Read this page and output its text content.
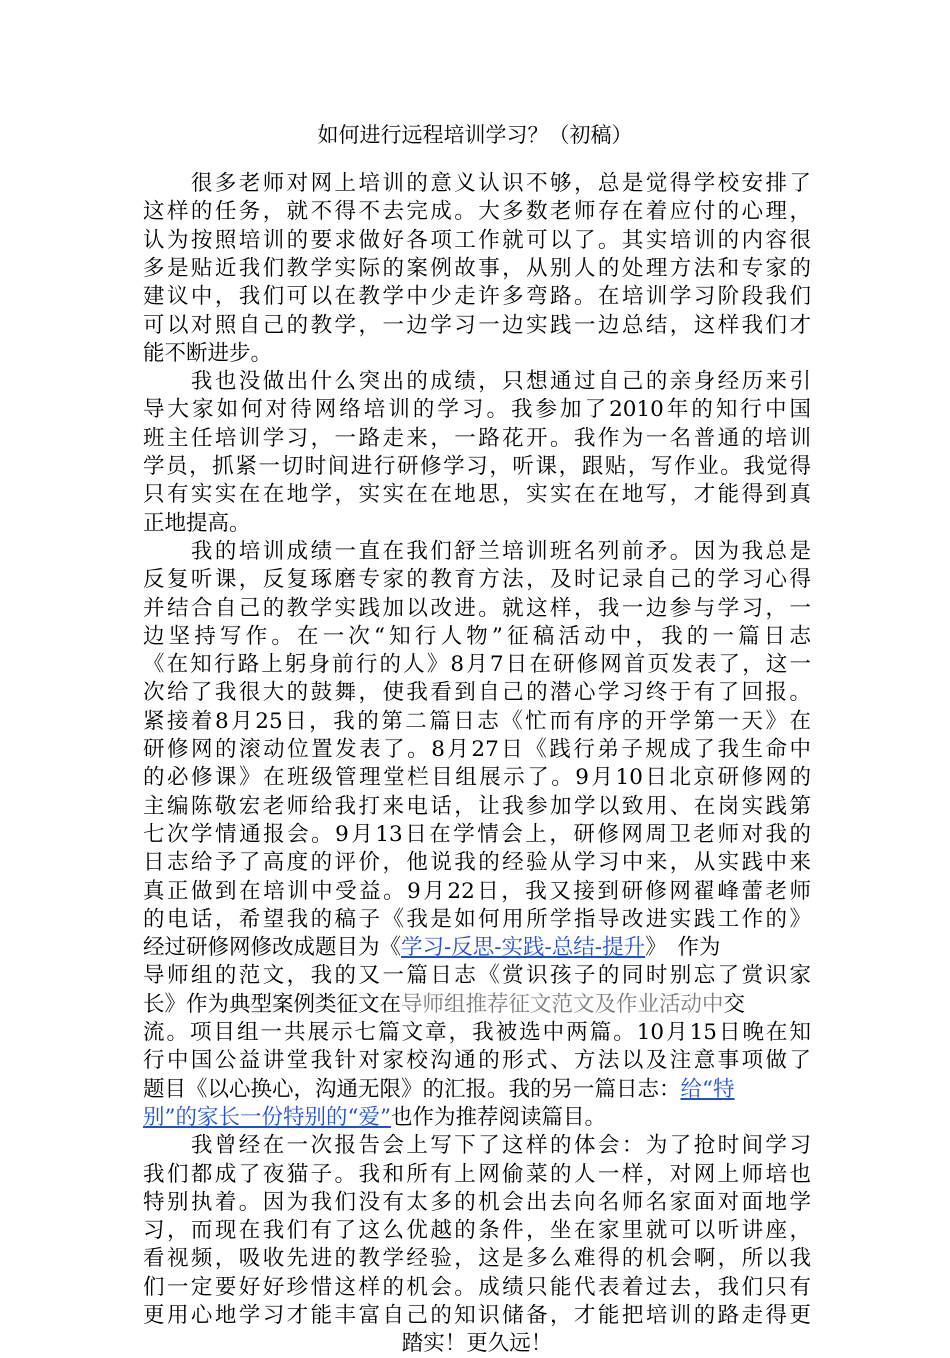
如何进行远程培训学习？（初稿）
　　很多老师对网上培训的意义认识不够，总是觉得学校安排了
这样的任务，就不得不去完成。大多数老师存在着应付的心理，
认为按照培训的要求做好各项工作就可以了。其实培训的内容很
多是贴近我们教学实际的案例故事，从别人的处理方法和专家的
建议中，我们可以在教学中少走许多弯路。在培训学习阶段我们
可以对照自己的教学，一边学习一边实践一边总结，这样我们才
能不断进步。
　　我也没做出什么突出的成绩，只想通过自己的亲身经历来引
导大家如何对待网络培训的学习。我参加了2010年的知行中国
班主任培训学习，一路走来，一路花开。我作为一名普通的培训
学员，抓紧一切时间进行研修学习，听课，跟贴，写作业。我觉得
只有实实在在地学，实实在在地思，实实在在地写，才能得到真
正地提高。
　　我的培训成绩一直在我们舒兰培训班名列前矛。因为我总是
反复听课，反复琢磨专家的教育方法，及时记录自己的学习心得
并结合自己的教学实践加以改进。就这样，我一边参与学习，一
边坚持写作。在一次“知行人物”征稿活动中，我的一篇日志
《在知行路上躬身前行的人》8月7日在研修网首页发表了，这一
次给了我很大的鼓舞，使我看到自己的潜心学习终于有了回报。
紧接着8月25日，我的第二篇日志《忙而有序的开学第一天》在
研修网的滚动位置发表了。8月27日《践行弟子规成了我生命中
的必修课》在班级管理堂栏目组展示了。9月10日北京研修网的
主编陈敬宏老师给我打来电话，让我参加学以致用、在岗实践第
七次学情通报会。9月13日在学情会上，研修网周卫老师对我的
日志给予了高度的评价，他说我的经验从学习中来，从实践中来
真正做到在培训中受益。9月22日，我又接到研修网翟峰蕾老师
的电话，希望我的稿子《我是如何用所学指导改进实践工作的》
经过研修网修改成题目为《学习-反思-实践-总结-提升》　作为
导师组的范文，我的又一篇日志《赏识孩子的同时别忘了赏识家
长》作为典型案例类征文在导师组推荐征文范文及作业活动中交
流。项目组一共展示七篇文章，我被选中两篇。10月15日晚在知
行中国公益讲堂我针对家校沟通的形式、方法以及注意事项做了
题目《以心换心，沟通无限》的汇报。我的另一篇日志：给“特
别”的家长一份特别的“爱”也作为推荐阅读篇目。
　　我曾经在一次报告会上写下了这样的体会：为了抢时间学习
我们都成了夜猫子。我和所有上网偷菜的人一样，对网上师培也
特别执着。因为我们没有太多的机会出去向名师名家面对面地学
习，而现在我们有了这么优越的条件，坐在家里就可以听讲座，
看视频，吸收先进的教学经验，这是多么难得的机会啊，所以我
们一定要好好珍惜这样的机会。成绩只能代表着过去，我们只有
更用心地学习才能丰富自己的知识储备，才能把培训的路走得更
踏实！更久远！
